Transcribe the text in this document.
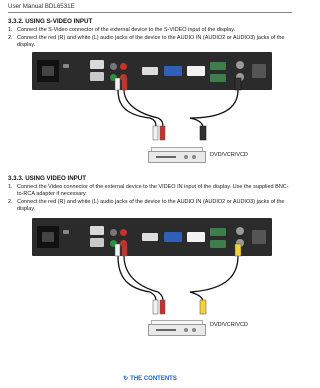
User Manual BDL6531E
3.3.2. USING S-VIDEO INPUT
1. Connect the S-Video connector of the external device to the S-VIDEO input of the display.
2. Connect the red (R) and white (L) audio jacks of the device to the AUDIO IN (AUDIO2 or AUDIO3) jacks of the display.
DVD/VCR/VCD
3.3.3. USING VIDEO INPUT
1. Connect the Video connector of the external device to the VIDEO IN input of the display. Use the supplied BNC-to-RCA adapter if necessary.
2. Connect the red (R) and white (L) audio jacks of the device to the AUDIO IN (AUDIO2 or AUDIO3) jacks of the display.
DVD/VCR/VCD
↻ THE CONTENTS
